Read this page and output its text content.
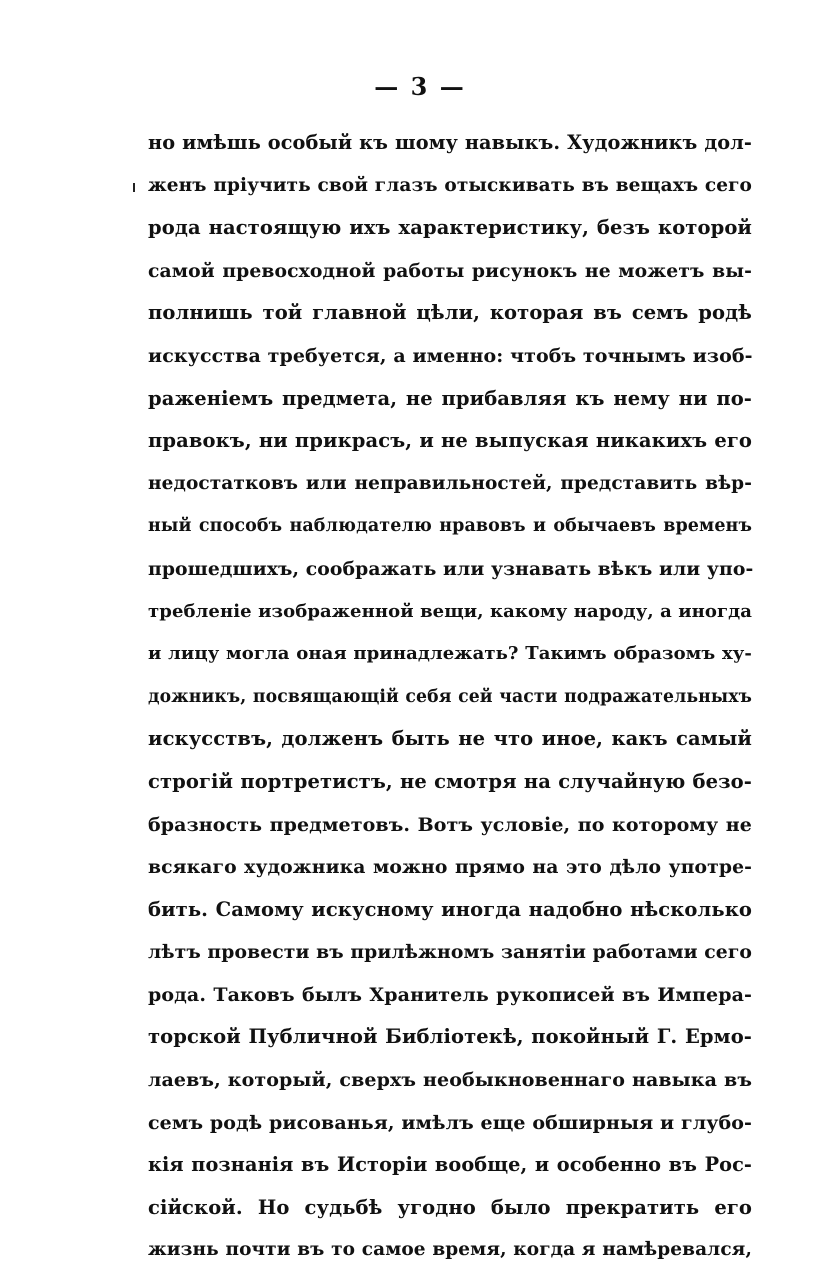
— 3 —
но имѣшь особый къ шому навыкъ. Художникъ дол-
женъ пріучить свой глазъ отыскивать въ вещахъ сего
рода настоящую ихъ характеристику, безъ которой
самой превосходной работы рисунокъ не можетъ вы-
полнишь той главной цѣли, которая въ семъ родѣ
искусства требуется, а именно: чтобъ точнымъ изоб-
раженіемъ предмета, не прибавляя къ нему ни по-
правокъ, ни прикрасъ, и не выпуская никакихъ его
недостатковъ или неправильностей, представить вѣр-
ный способъ наблюдателю нравовъ и обычаевъ временъ
прошедшихъ, соображать или узнавать вѣкъ или упо-
требленіе изображенной вещи, какому народу, а иногда
и лицу могла оная принадлежать? Такимъ образомъ ху-
дожникъ, посвящающій себя сей части подражательныхъ
искусствъ, долженъ быть не что иное, какъ самый
строгій портретистъ, не смотря на случайную безо-
бразность предметовъ. Вотъ условіе, по которому не
всякаго художника можно прямо на это дѣло употре-
бить. Самому искусному иногда надобно нѣсколько
лѣтъ провести въ прилѣжномъ занятіи работами сего
рода. Таковъ былъ Хранитель рукописей въ Импера-
торской Публичной Библіотекѣ, покойный Г. Ермо-
лаевъ, который, сверхъ необыкновеннаго навыка въ
семъ родѣ рисованья, имѣлъ еще обширныя и глубо-
кія познанія въ Исторіи вообще, и особенно въ Рос-
сійской. Но судьбѣ угодно было прекратить его
жизнь почти въ то самое время, когда я намѣревался,
